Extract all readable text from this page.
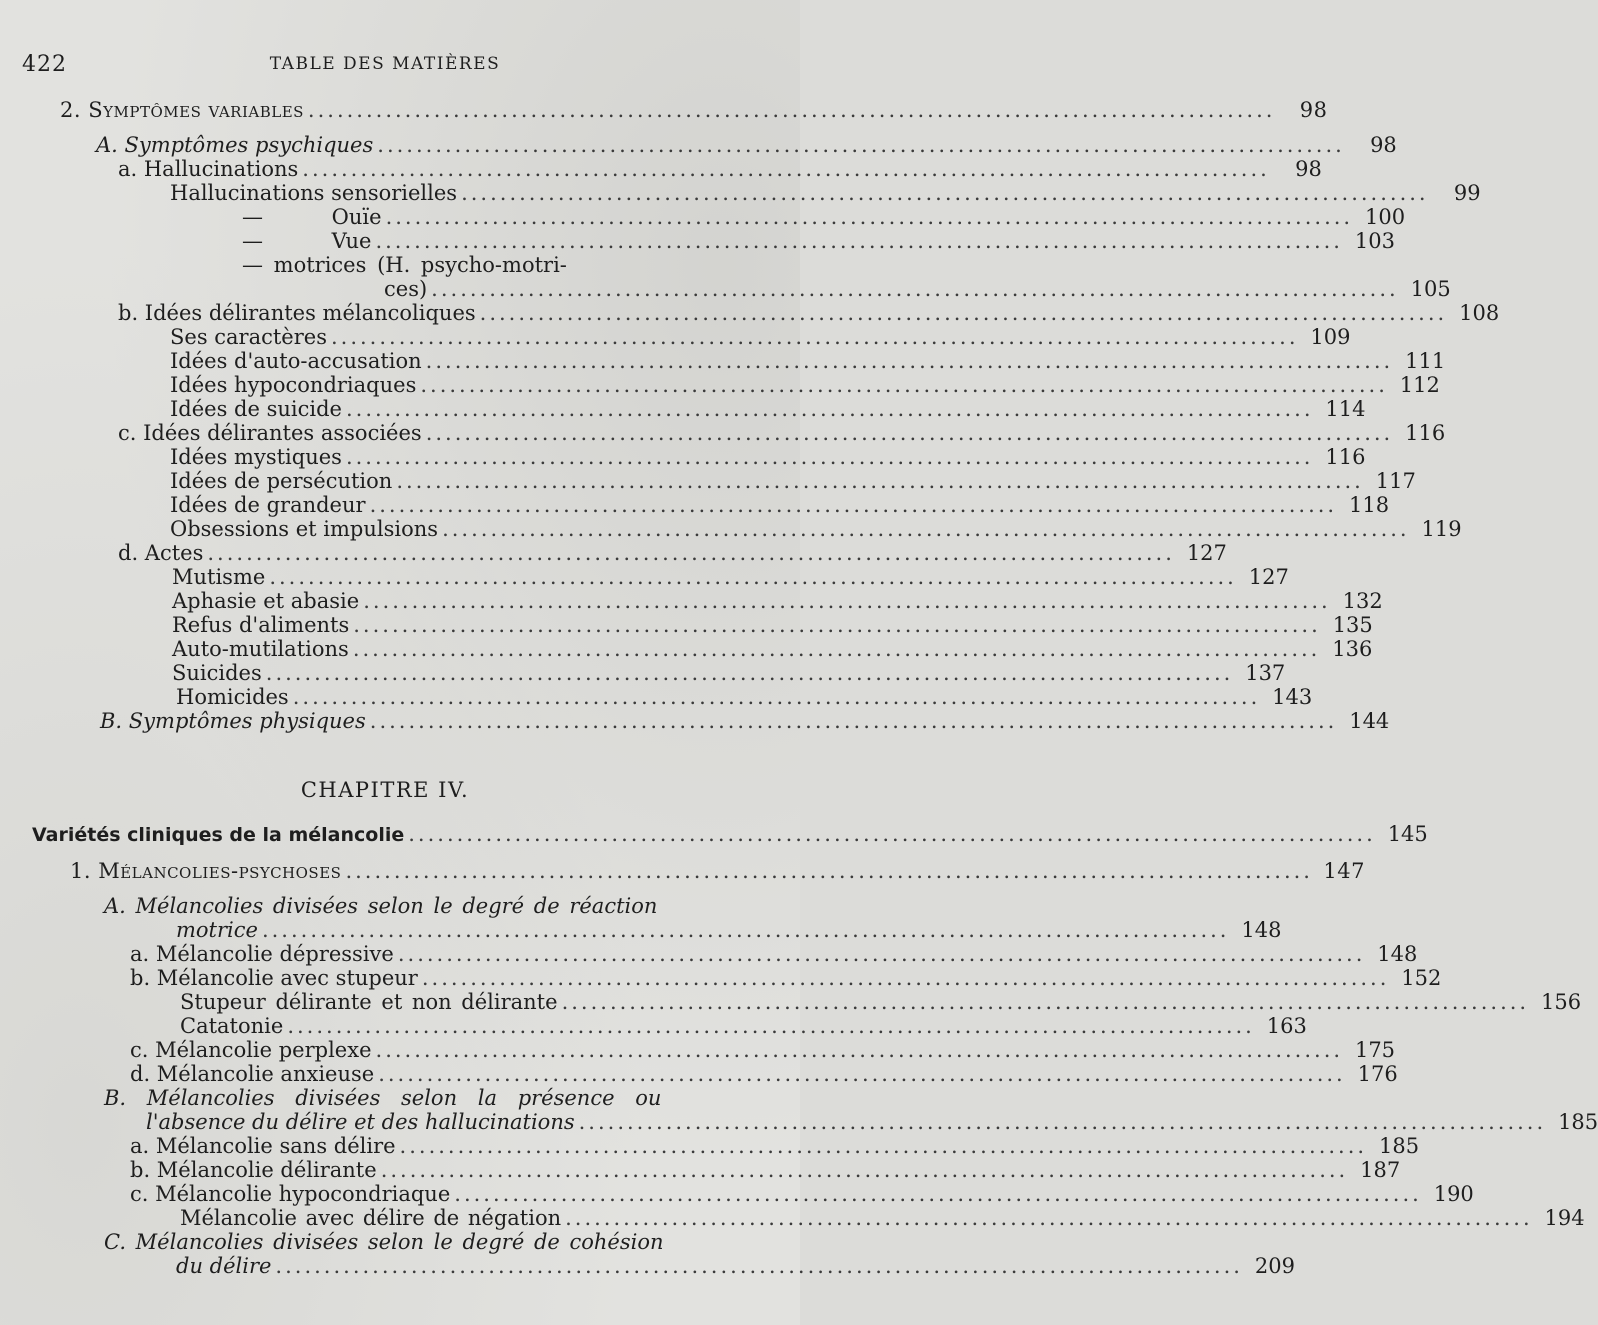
422	TABLE DES MATIÈRES
2. Symptômes variables ....................................................................................................	98
A. Symptômes psychiques ....................................................................................................	98
a. Hallucinations ....................................................................................................	98
Hallucinations sensorielles ....................................................................................................	99
— Ouïe .................................................................................................... 100
— Vue .................................................................................................... 103
— motrices (H. psycho-motri-
ces) .................................................................................................... 105
b. Idées délirantes mélancoliques .................................................................................................... 108
Ses caractères .................................................................................................... 109
Idées d'auto-accusation .................................................................................................... 111
Idées hypocondriaques .................................................................................................... 112
Idées de suicide .................................................................................................... 114
c. Idées délirantes associées .................................................................................................... 116
Idées mystiques .................................................................................................... 116
Idées de persécution .................................................................................................... 117
Idées de grandeur .................................................................................................... 118
Obsessions et impulsions .................................................................................................... 119
d. Actes .................................................................................................... 127
Mutisme .................................................................................................... 127
Aphasie et abasie .................................................................................................... 132
Refus d'aliments .................................................................................................... 135
Auto-mutilations .................................................................................................... 136
Suicides .................................................................................................... 137
Homicides .................................................................................................... 143
B. Symptômes physiques .................................................................................................... 144
CHAPITRE IV.
Variétés cliniques de la mélancolie .................................................................................................... 145
1. Mélancolies-psychoses .................................................................................................... 147
A. Mélancolies divisées selon le degré de réaction
motrice .................................................................................................... 148
a. Mélancolie dépressive .................................................................................................... 148
b. Mélancolie avec stupeur .................................................................................................... 152
Stupeur délirante et non délirante .................................................................................................... 156
Catatonie .................................................................................................... 163
c. Mélancolie perplexe .................................................................................................... 175
d. Mélancolie anxieuse .................................................................................................... 176
B. Mélancolies divisées selon la présence ou
l'absence du délire et des hallucinations .................................................................................................... 185
a. Mélancolie sans délire .................................................................................................... 185
b. Mélancolie délirante .................................................................................................... 187
c. Mélancolie hypocondriaque .................................................................................................... 190
Mélancolie avec délire de négation .................................................................................................... 194
C. Mélancolies divisées selon le degré de cohésion
du délire .................................................................................................... 209
